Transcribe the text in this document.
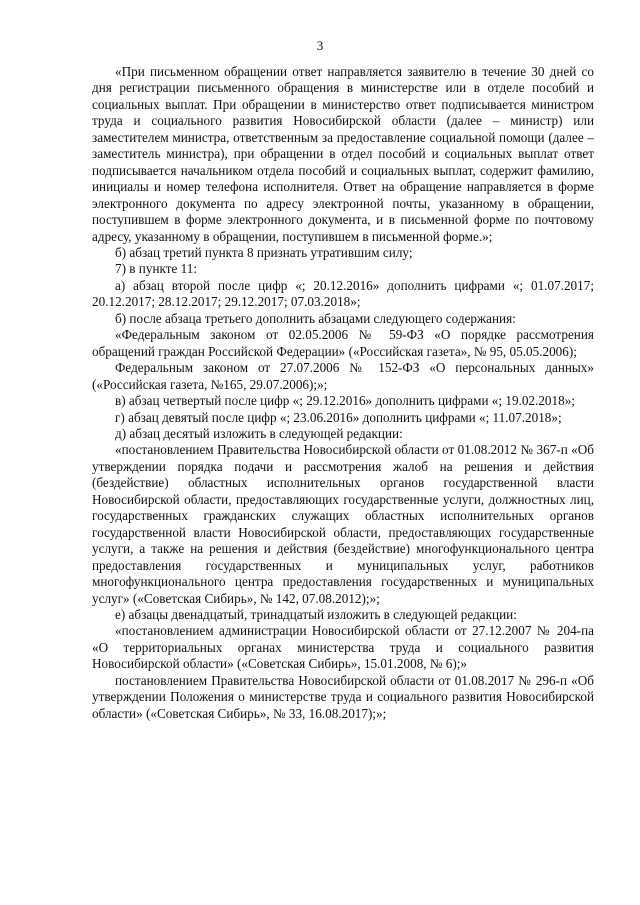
3

«При письменном обращении ответ направляется заявителю в течение 30 дней со дня регистрации письменного обращения в министерстве или в отделе пособий и социальных выплат. При обращении в министерство ответ подписывается министром труда и социального развития Новосибирской области (далее – министр) или заместителем министра, ответственным за предоставление социальной помощи (далее – заместитель министра), при обращении в отдел пособий и социальных выплат ответ подписывается начальником отдела пособий и социальных выплат, содержит фамилию, инициалы и номер телефона исполнителя. Ответ на обращение направляется в форме электронного документа по адресу электронной почты, указанному в обращении, поступившем в форме электронного документа, и в письменной форме по почтовому адресу, указанному в обращении, поступившем в письменной форме.»;

б) абзац третий пункта 8 признать утратившим силу;

7) в пункте 11:

а) абзац второй после цифр «; 20.12.2016» дополнить цифрами «; 01.07.2017; 20.12.2017; 28.12.2017; 29.12.2017; 07.03.2018»;

б) после абзаца третьего дополнить абзацами следующего содержания:

«Федеральным законом от 02.05.2006 № 59-ФЗ «О порядке рассмотрения обращений граждан Российской Федерации» («Российская газета», № 95, 05.05.2006);

Федеральным законом от 27.07.2006 № 152-ФЗ «О персональных данных» («Российская газета, №165, 29.07.2006);»;

в) абзац четвертый после цифр «; 29.12.2016» дополнить цифрами «; 19.02.2018»;

г) абзац девятый после цифр «; 23.06.2016» дополнить цифрами «; 11.07.2018»;

д) абзац десятый изложить в следующей редакции:

«постановлением Правительства Новосибирской области от 01.08.2012 № 367-п «Об утверждении порядка подачи и рассмотрения жалоб на решения и действия (бездействие) областных исполнительных органов государственной власти Новосибирской области, предоставляющих государственные услуги, должностных лиц, государственных гражданских служащих областных исполнительных органов государственной власти Новосибирской области, предоставляющих государственные услуги, а также на решения и действия (бездействие) многофункционального центра предоставления государственных и муниципальных услуг, работников многофункционального центра предоставления государственных и муниципальных услуг» («Советская Сибирь», № 142, 07.08.2012);»;

е) абзацы двенадцатый, тринадцатый изложить в следующей редакции:

«постановлением администрации Новосибирской области от 27.12.2007 № 204-па «О территориальных органах министерства труда и социального развития Новосибирской области» («Советская Сибирь», 15.01.2008, № 6);»

постановлением Правительства Новосибирской области от 01.08.2017 № 296-п «Об утверждении Положения о министерстве труда и социального развития Новосибирской области» («Советская Сибирь», № 33, 16.08.2017);»;
